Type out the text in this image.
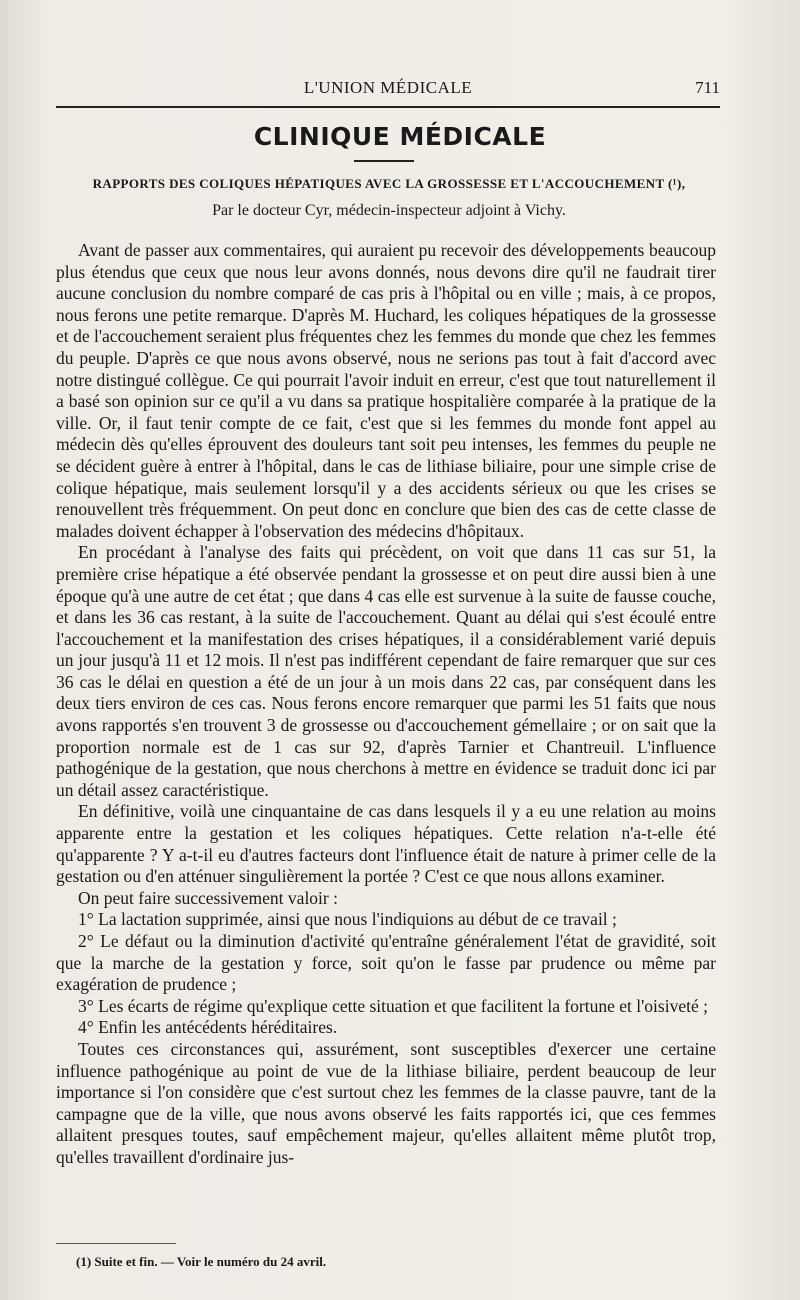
L'UNION MÉDICALE	711
CLINIQUE MÉDICALE
RAPPORTS DES COLIQUES HÉPATIQUES AVEC LA GROSSESSE ET L'ACCOUCHEMENT (¹),
Par le docteur Cyr, médecin-inspecteur adjoint à Vichy.

Avant de passer aux commentaires, qui auraient pu recevoir des développements beaucoup plus étendus que ceux que nous leur avons donnés, nous devons dire qu'il ne faudrait tirer aucune conclusion du nombre comparé de cas pris à l'hôpital ou en ville ; mais, à ce propos, nous ferons une petite remarque. D'après M. Huchard, les coliques hépatiques de la grossesse et de l'accouchement seraient plus fréquentes chez les femmes du monde que chez les femmes du peuple. D'après ce que nous avons observé, nous ne serions pas tout à fait d'accord avec notre distingué collègue. Ce qui pourrait l'avoir induit en erreur, c'est que tout naturellement il a basé son opinion sur ce qu'il a vu dans sa pratique hospitalière comparée à la pratique de la ville. Or, il faut tenir compte de ce fait, c'est que si les femmes du monde font appel au médecin dès qu'elles éprouvent des douleurs tant soit peu intenses, les femmes du peuple ne se décident guère à entrer à l'hôpital, dans le cas de lithiase biliaire, pour une simple crise de colique hépatique, mais seulement lorsqu'il y a des accidents sérieux ou que les crises se renouvellent très fréquemment. On peut donc en conclure que bien des cas de cette classe de malades doivent échapper à l'observation des médecins d'hôpitaux.

En procédant à l'analyse des faits qui précèdent, on voit que dans 11 cas sur 51, la première crise hépatique a été observée pendant la grossesse et on peut dire aussi bien à une époque qu'à une autre de cet état ; que dans 4 cas elle est survenue à la suite de fausse couche, et dans les 36 cas restant, à la suite de l'accouchement. Quant au délai qui s'est écoulé entre l'accouchement et la manifestation des crises hépatiques, il a considérablement varié depuis un jour jusqu'à 11 et 12 mois. Il n'est pas indifférent cependant de faire remarquer que sur ces 36 cas le délai en question a été de un jour à un mois dans 22 cas, par conséquent dans les deux tiers environ de ces cas. Nous ferons encore remarquer que parmi les 51 faits que nous avons rapportés s'en trouvent 3 de grossesse ou d'accouchement gémellaire ; or on sait que la proportion normale est de 1 cas sur 92, d'après Tarnier et Chantreuil. L'influence pathogénique de la gestation, que nous cherchons à mettre en évidence se traduit donc ici par un détail assez caractéristique.

En définitive, voilà une cinquantaine de cas dans lesquels il y a eu une relation au moins apparente entre la gestation et les coliques hépatiques. Cette relation n'a-t-elle été qu'apparente ? Y a-t-il eu d'autres facteurs dont l'influence était de nature à primer celle de la gestation ou d'en atténuer singulièrement la portée ? C'est ce que nous allons examiner.

On peut faire successivement valoir :

1° La lactation supprimée, ainsi que nous l'indiquions au début de ce travail ;

2° Le défaut ou la diminution d'activité qu'entraîne généralement l'état de gravidité, soit que la marche de la gestation y force, soit qu'on le fasse par prudence ou même par exagération de prudence ;

3° Les écarts de régime qu'explique cette situation et que facilitent la fortune et l'oisiveté ;

4° Enfin les antécédents héréditaires.

Toutes ces circonstances qui, assurément, sont susceptibles d'exercer une certaine influence pathogénique au point de vue de la lithiase biliaire, perdent beaucoup de leur importance si l'on considère que c'est surtout chez les femmes de la classe pauvre, tant de la campagne que de la ville, que nous avons observé les faits rapportés ici, que ces femmes allaitent presques toutes, sauf empêchement majeur, qu'elles allaitent même plutôt trop, qu'elles travaillent d'ordinaire jus-

(1) Suite et fin. — Voir le numéro du 24 avril.
